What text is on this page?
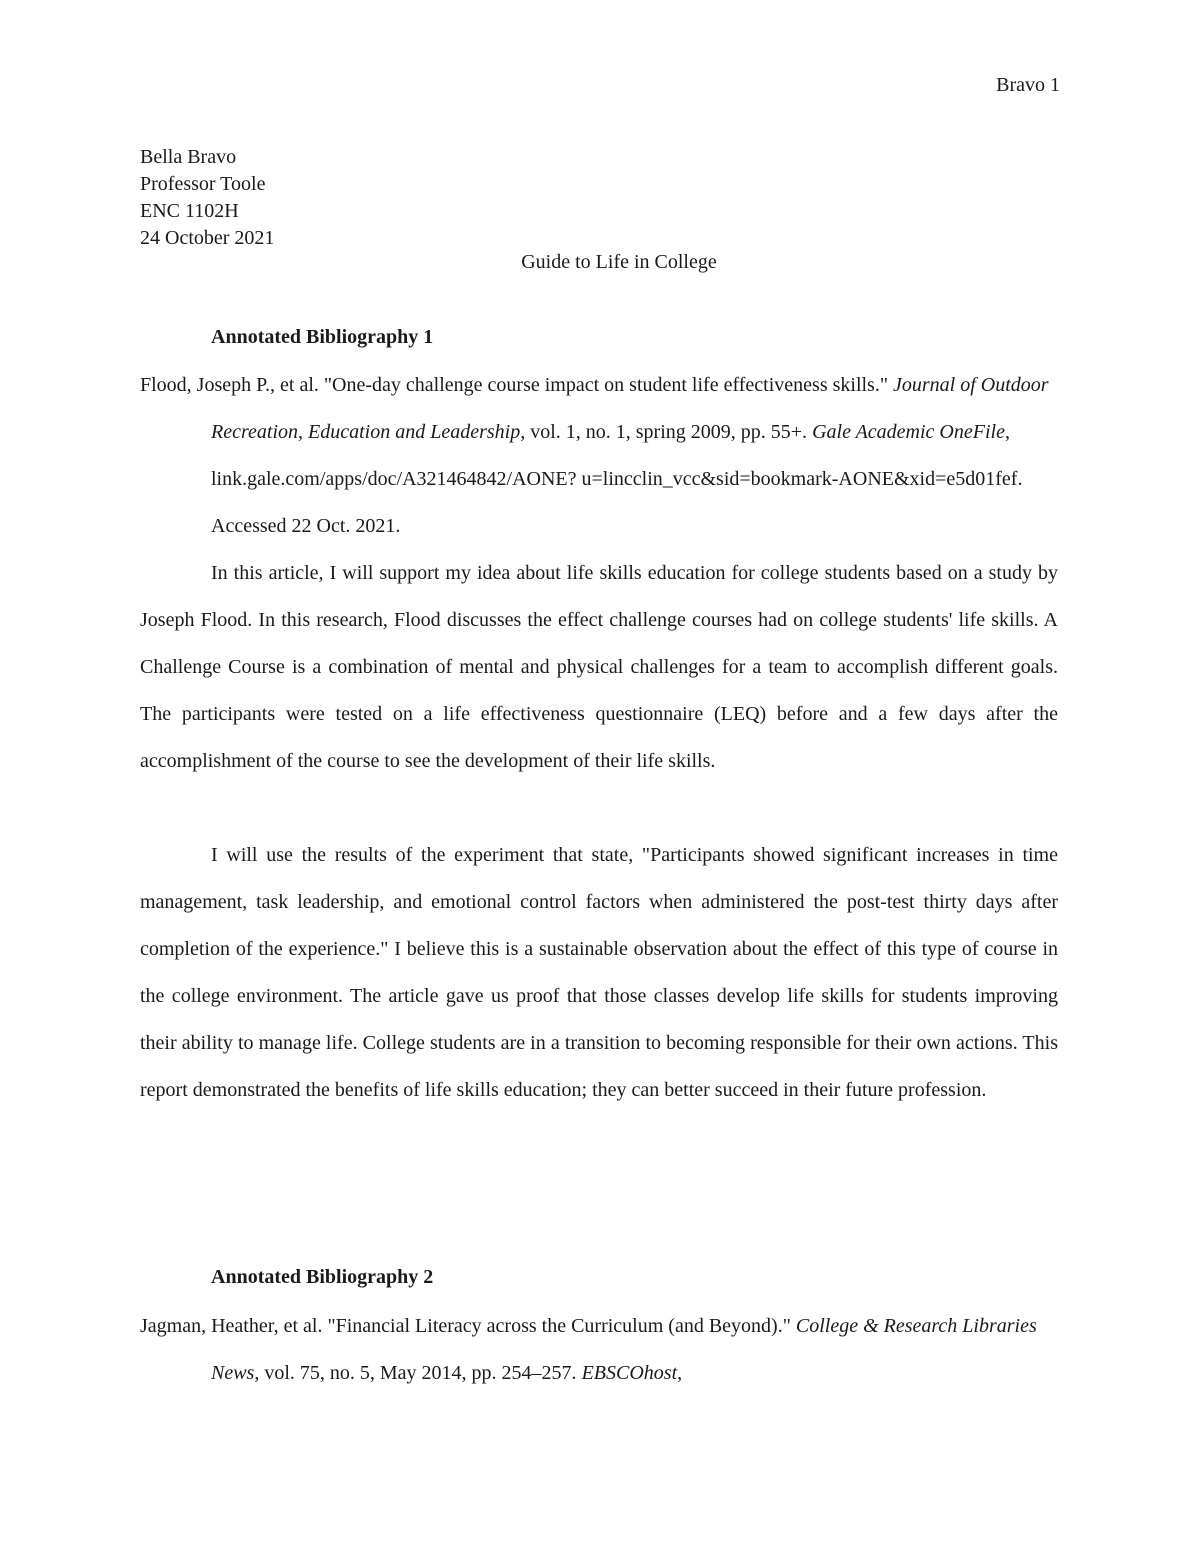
Bravo 1
Bella Bravo
Professor Toole
ENC 1102H
24 October 2021
Guide to Life in College
Annotated Bibliography 1
Flood, Joseph P., et al. "One-day challenge course impact on student life effectiveness skills." Journal of Outdoor Recreation, Education and Leadership, vol. 1, no. 1, spring 2009, pp. 55+. Gale Academic OneFile, link.gale.com/apps/doc/A321464842/AONE? u=lincclin_vcc&sid=bookmark-AONE&xid=e5d01fef. Accessed 22 Oct. 2021.
In this article, I will support my idea about life skills education for college students based on a study by Joseph Flood. In this research, Flood discusses the effect challenge courses had on college students' life skills. A Challenge Course is a combination of mental and physical challenges for a team to accomplish different goals. The participants were tested on a life effectiveness questionnaire (LEQ) before and a few days after the accomplishment of the course to see the development of their life skills.
I will use the results of the experiment that state, "Participants showed significant increases in time management, task leadership, and emotional control factors when administered the post-test thirty days after completion of the experience." I believe this is a sustainable observation about the effect of this type of course in the college environment. The article gave us proof that those classes develop life skills for students improving their ability to manage life. College students are in a transition to becoming responsible for their own actions. This report demonstrated the benefits of life skills education; they can better succeed in their future profession.
Annotated Bibliography 2
Jagman, Heather, et al. "Financial Literacy across the Curriculum (and Beyond)." College & Research Libraries News, vol. 75, no. 5, May 2014, pp. 254–257. EBSCOhost,
